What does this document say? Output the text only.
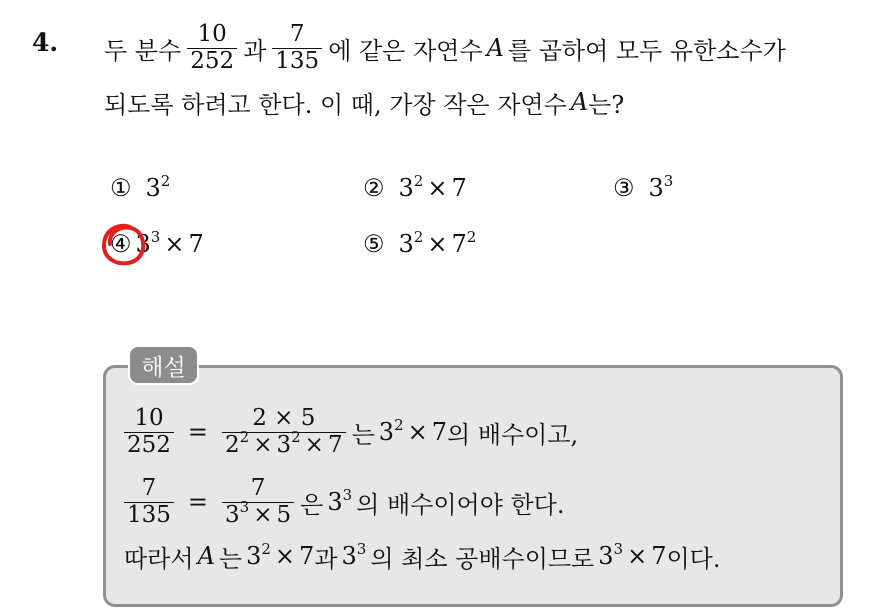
4. 두 분수 $\frac{10}{252}$ 과 $\frac{7}{135}$ 에 같은 자연수 A 를 곱하여 모두 유한소수가
되도록 하려고 한다. 이 때, 가장 작은 자연수 A 는?
① $3^2$	② $3^2 \times 7$	③ $3^3$
④ $3^3 \times 7$	⑤ $3^2 \times 7^2$
해설
$\frac{10}{252} = \frac{2 \times 5}{2^2 \times 3^2 \times 7}$ 는 $3^2 \times 7$ 의 배수이고,
$\frac{7}{135} = \frac{7}{3^3 \times 5}$ 은 $3^3$ 의 배수이어야 한다.
따라서 A 는 $3^2 \times 7$ 과 $3^3$ 의 최소 공배수이므로 $3^3 \times 7$ 이다.
